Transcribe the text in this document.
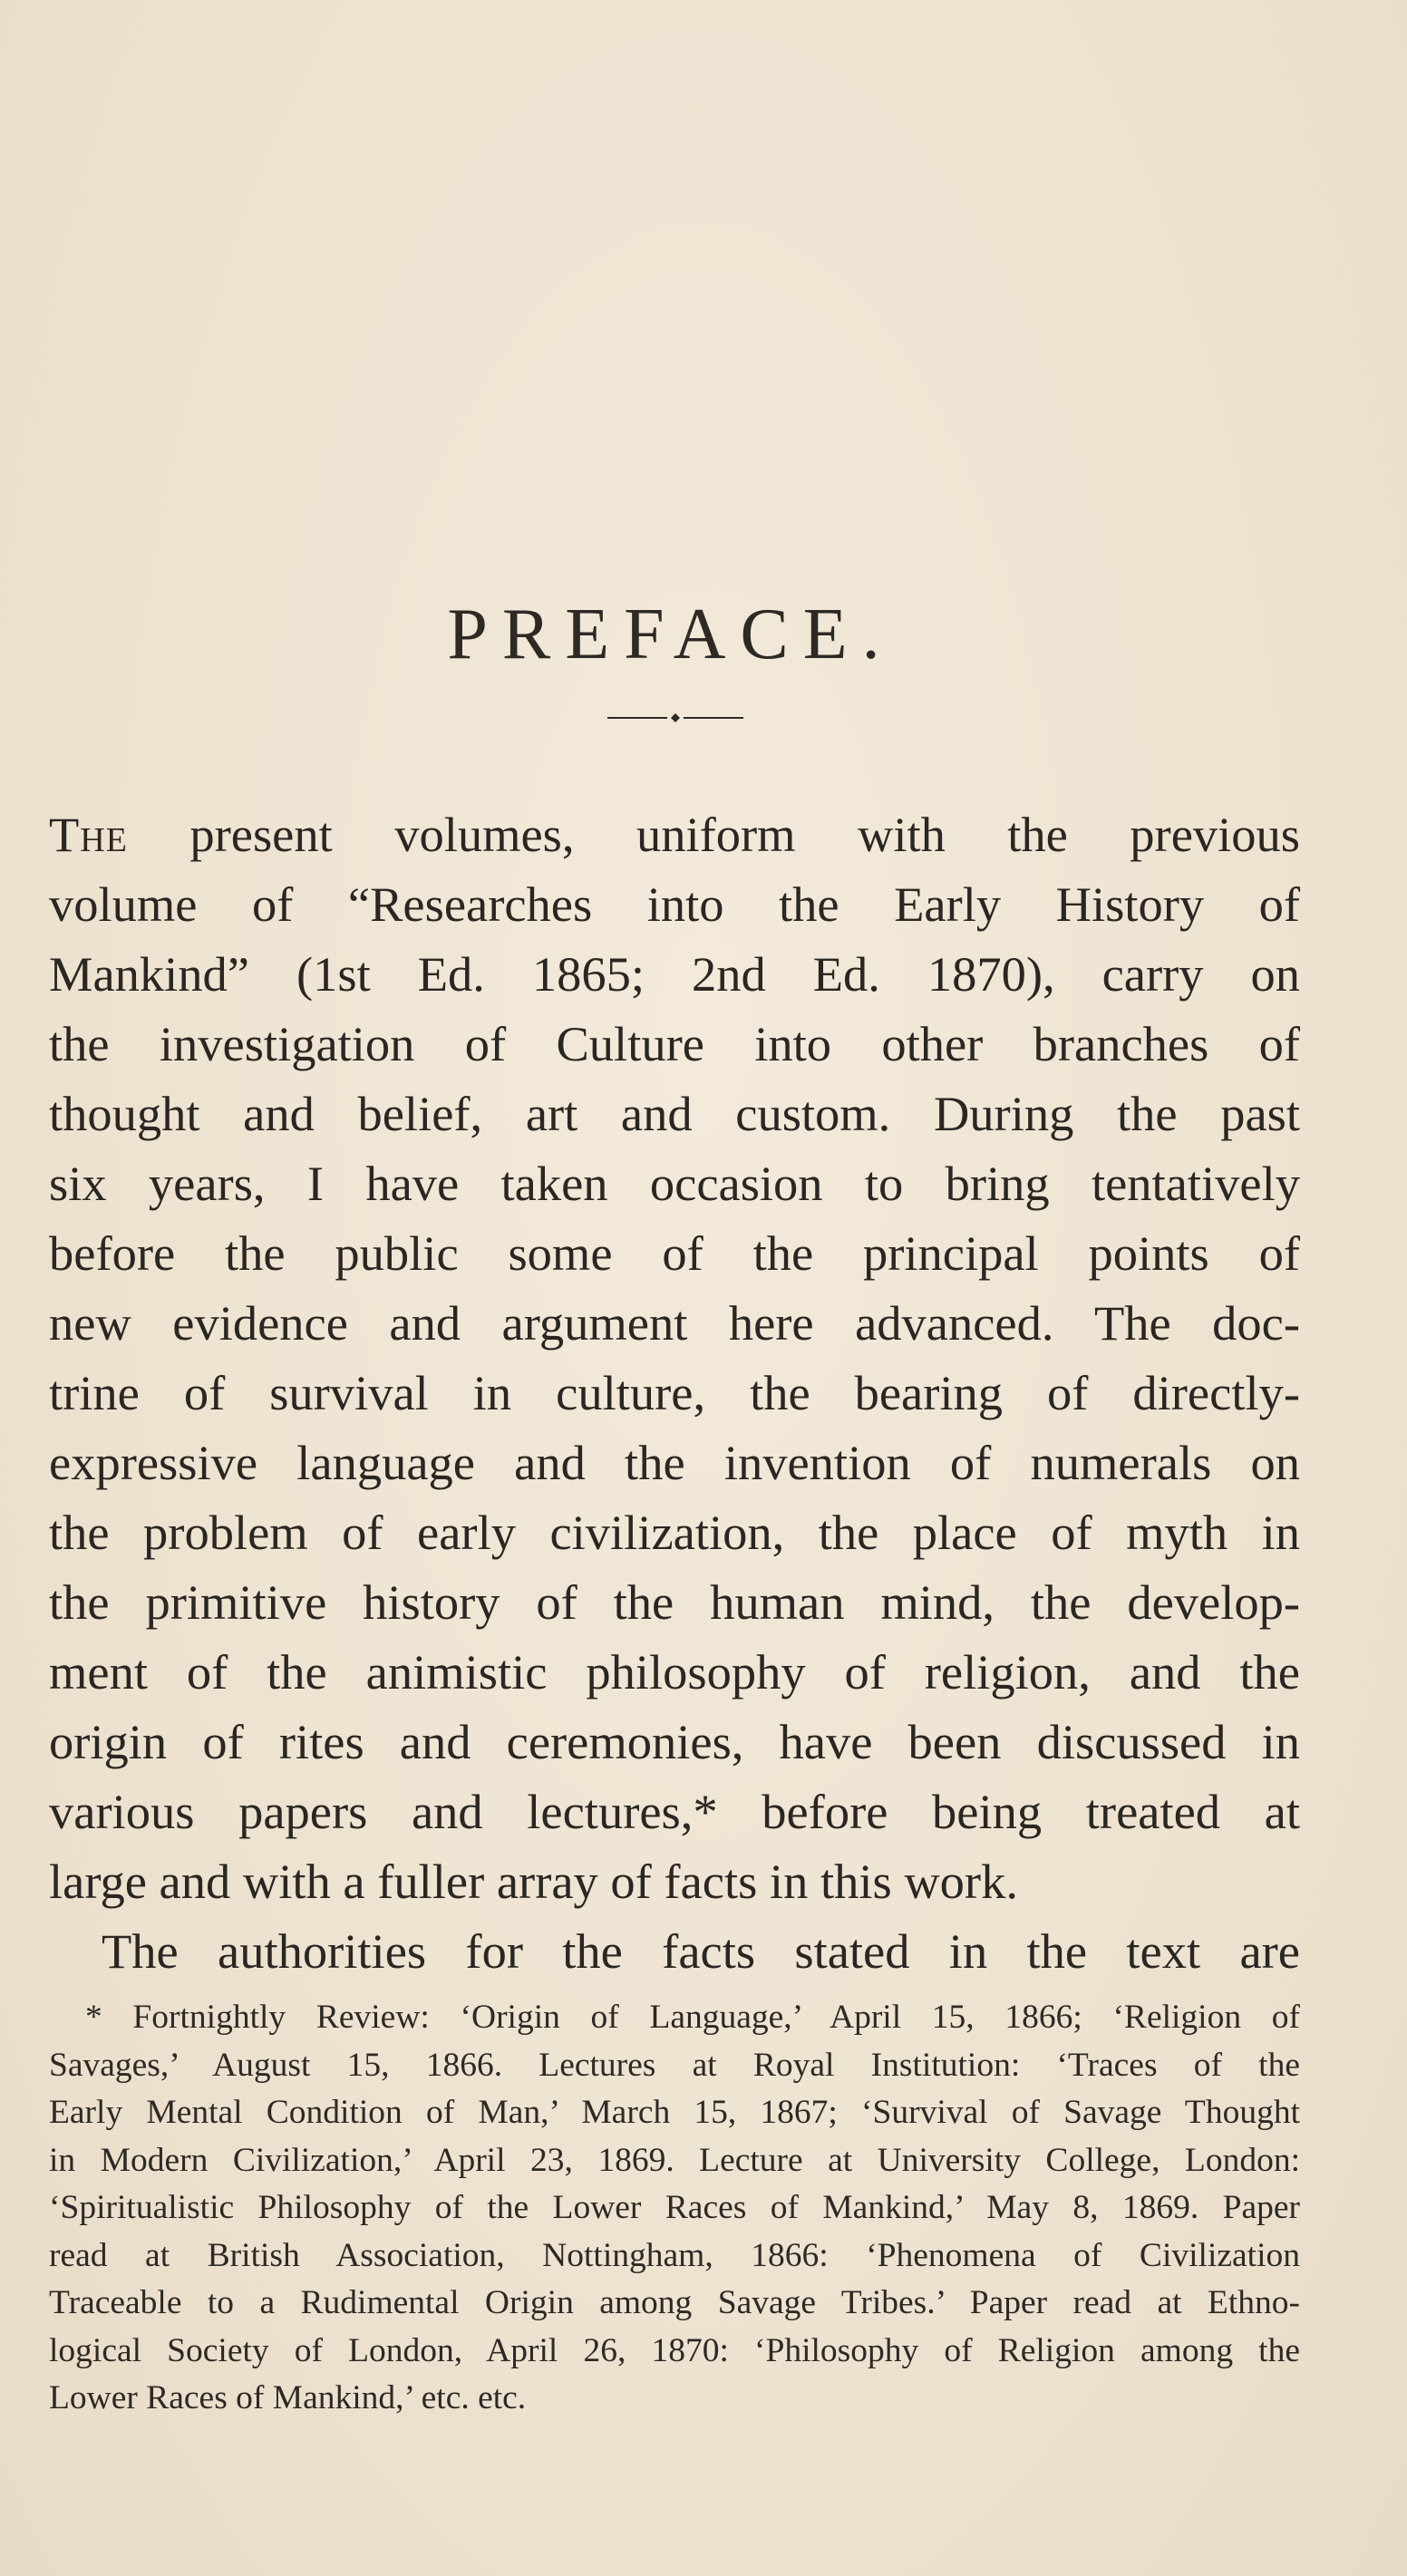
PREFACE.
The present volumes, uniform with the previous
volume of “Researches into the Early History of
Mankind” (1st Ed. 1865; 2nd Ed. 1870), carry on
the investigation of Culture into other branches of
thought and belief, art and custom. During the past
six years, I have taken occasion to bring tentatively
before the public some of the principal points of
new evidence and argument here advanced. The doc-
trine of survival in culture, the bearing of directly-
expressive language and the invention of numerals on
the problem of early civilization, the place of myth in
the primitive history of the human mind, the develop-
ment of the animistic philosophy of religion, and the
origin of rites and ceremonies, have been discussed in
various papers and lectures,* before being treated at
large and with a fuller array of facts in this work.
The authorities for the facts stated in the text are
* Fortnightly Review: ‘Origin of Language,’ April 15, 1866; ‘Religion of
Savages,’ August 15, 1866. Lectures at Royal Institution: ‘Traces of the
Early Mental Condition of Man,’ March 15, 1867; ‘Survival of Savage Thought
in Modern Civilization,’ April 23, 1869. Lecture at University College, London:
‘Spiritualistic Philosophy of the Lower Races of Mankind,’ May 8, 1869. Paper
read at British Association, Nottingham, 1866: ‘Phenomena of Civilization
Traceable to a Rudimental Origin among Savage Tribes.’ Paper read at Ethno-
logical Society of London, April 26, 1870: ‘Philosophy of Religion among the
Lower Races of Mankind,’ etc. etc.
